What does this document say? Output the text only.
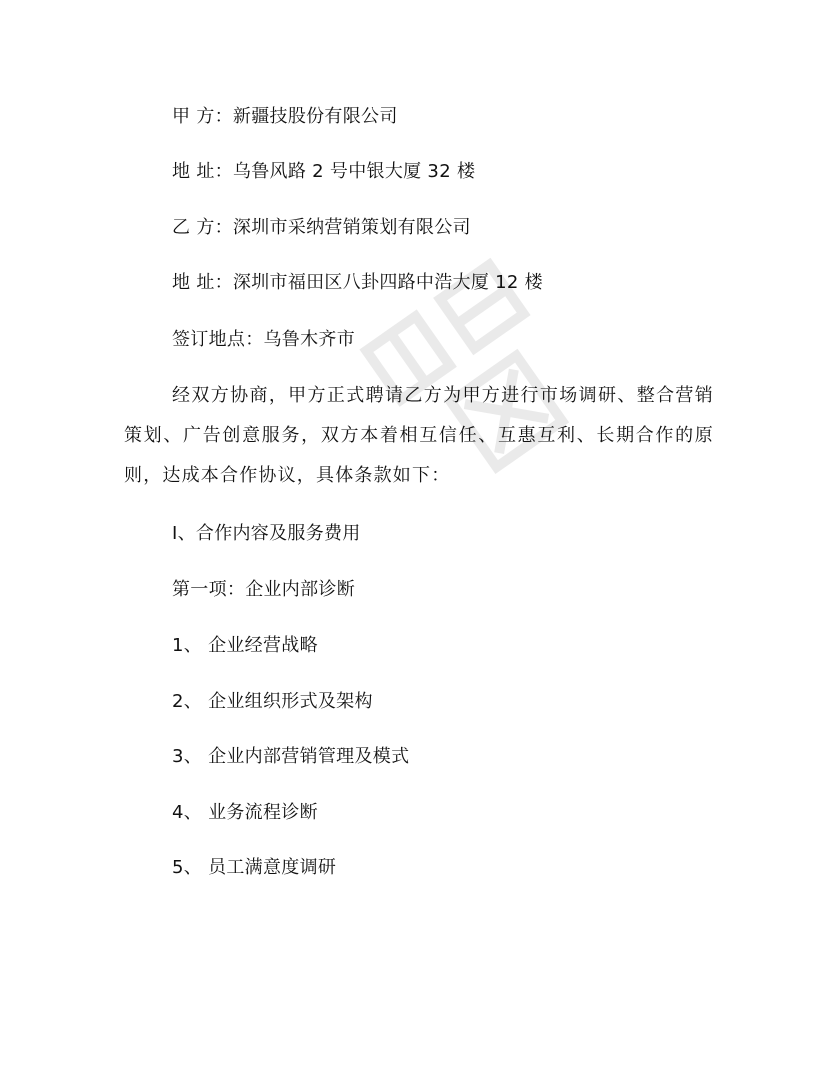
甲 方：新疆技股份有限公司
地 址：乌鲁风路 2 号中银大厦 32 楼
乙 方：深圳市采纳营销策划有限公司
地 址：深圳市福田区八卦四路中浩大厦 12 楼
签订地点：乌鲁木齐市
经双方协商，甲方正式聘请乙方为甲方进行市场调研、整合营销策划、广告创意服务，双方本着相互信任、互惠互利、长期合作的原则，达成本合作协议，具体条款如下：
Ⅰ、合作内容及服务费用
第一项：企业内部诊断
1、 企业经营战略
2、 企业组织形式及架构
3、 企业内部营销管理及模式
4、 业务流程诊断
5、 员工满意度调研
